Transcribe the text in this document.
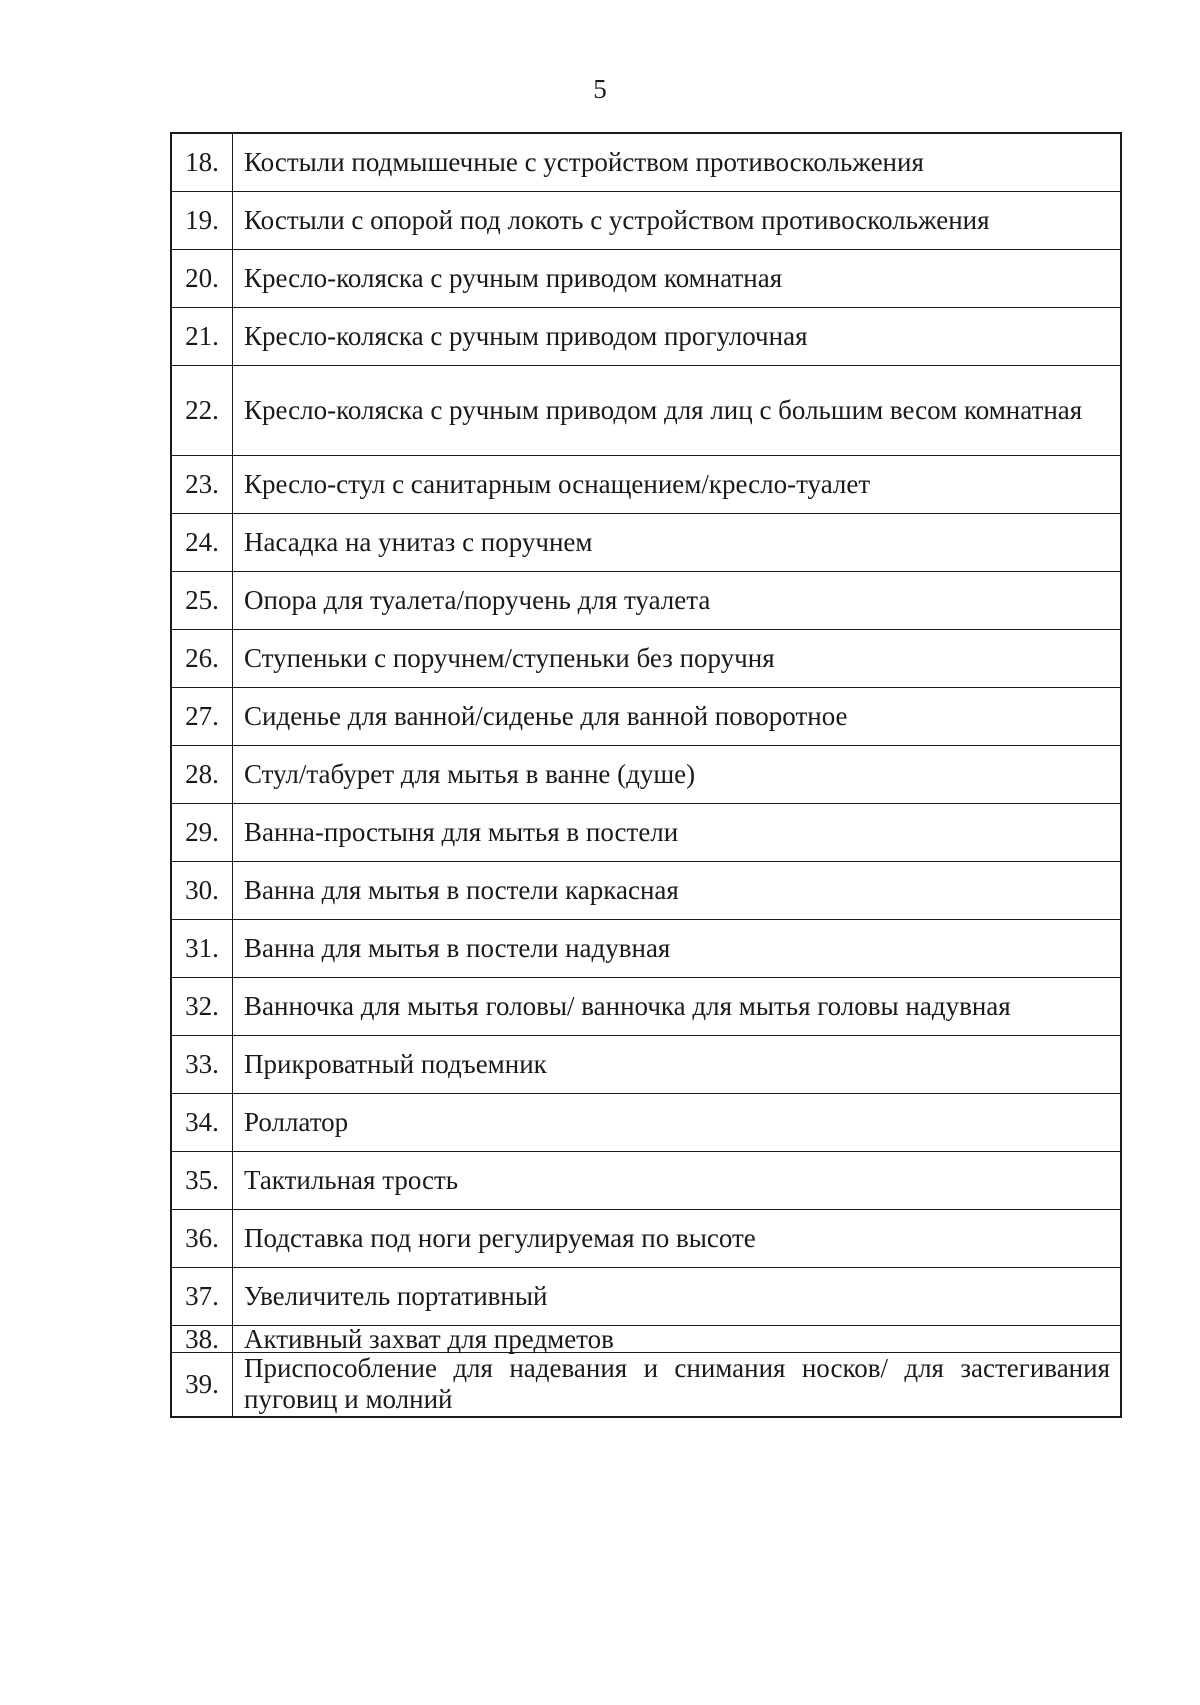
5
18.	Костыли подмышечные с устройством противоскольжения
19.	Костыли с опорой под локоть с устройством противоскольжения
20.	Кресло-коляска с ручным приводом комнатная
21.	Кресло-коляска с ручным приводом прогулочная
22.	Кресло-коляска с ручным приводом для лиц с большим весом комнатная
23.	Кресло-стул с санитарным оснащением/кресло-туалет
24.	Насадка на унитаз с поручнем
25.	Опора для туалета/поручень для туалета
26.	Ступеньки с поручнем/ступеньки без поручня
27.	Сиденье для ванной/сиденье для ванной поворотное
28.	Стул/табурет для мытья в ванне (душе)
29.	Ванна-простыня для мытья в постели
30.	Ванна для мытья в постели каркасная
31.	Ванна для мытья в постели надувная
32.	Ванночка для мытья головы/ ванночка для мытья головы надувная
33.	Прикроватный подъемник
34.	Роллатор
35.	Тактильная трость
36.	Подставка под ноги регулируемая по высоте
37.	Увеличитель портативный
38.	Активный захват для предметов
39.	Приспособление для надевания и снимания носков/ для застегивания пуговиц и молний
